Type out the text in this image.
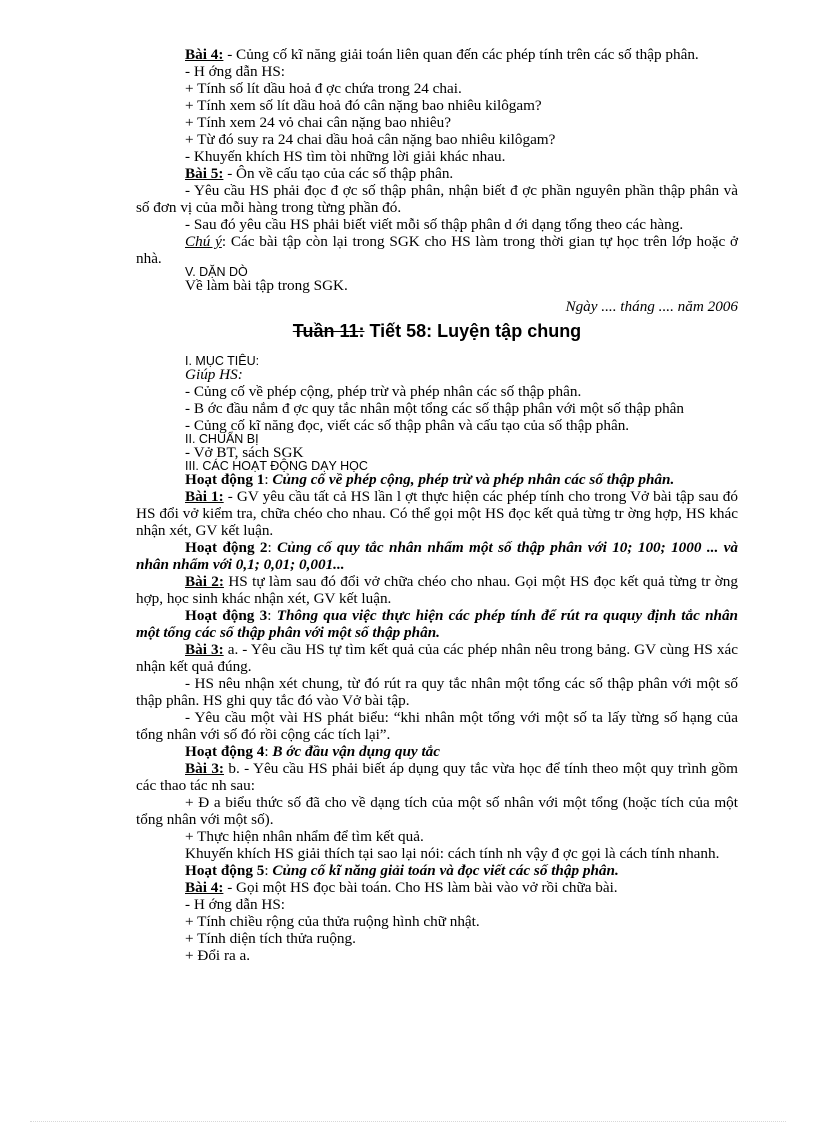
Bài 4: - Củng cố kĩ năng giải toán liên quan đến các phép tính trên các số thập phân.

- H ớng dẫn HS:

+ Tính số lít dầu hoả đ ợc chứa trong 24 chai.

+ Tính xem số lít dầu hoả đó cân nặng bao nhiêu kilôgam?

+ Tính xem 24 vỏ chai cân nặng bao nhiêu?

+ Từ đó suy ra 24 chai dầu hoả cân nặng bao nhiêu kilôgam?

- Khuyến khích HS tìm tòi những lời giải khác nhau.

Bài 5: - Ôn về cấu tạo của các số thập phân.

- Yêu cầu HS phải đọc đ ợc số thập phân, nhận biết đ ợc phần nguyên phần thập phân và số đơn vị của mỗi hàng trong từng phần đó.

- Sau đó yêu cầu HS phải biết viết mỗi số thập phân d ới dạng tổng theo các hàng.

Chú ý: Các bài tập còn lại trong SGK cho HS làm trong thời gian tự học trên lớp hoặc ở nhà.

V. DẶN DÒ

Về làm bài tập trong SGK.

Ngày .... tháng .... năm 2006

Tuần 11: Tiết 58: Luyện tập chung
I. MỤC TIÊU:

Giúp HS:

- Củng cố về phép cộng, phép trừ và phép nhân các số thập phân.

- B ớc đầu nắm đ ợc quy tắc nhân một tổng các số thập phân với một số thập phân

- Củng cố kĩ năng đọc, viết các số thập phân và cấu tạo của số thập phân.

II. CHUẨN BỊ

- Vở BT, sách SGK

III. CÁC HOẠT ĐỘNG DẠY HỌC

Hoạt động 1: Củng cố về phép cộng, phép trừ và phép nhân các số thập phân.

Bài 1: - GV yêu cầu tất cả HS lần l ợt thực hiện các phép tính cho trong Vở bài tập sau đó HS đổi vở kiểm tra, chữa chéo cho nhau. Có thể gọi một HS đọc kết quả từng tr ờng hợp, HS khác nhận xét, GV kết luận.

Hoạt động 2: Củng cố quy tắc nhân nhẩm một số thập phân với 10; 100; 1000 ... và nhân nhẩm với 0,1; 0,01; 0,001...

Bài 2: HS tự làm sau đó đổi vở chữa chéo cho nhau. Gọi một HS đọc kết quả từng tr ờng hợp, học sinh khác nhận xét, GV kết luận.

Hoạt động 3: Thông qua việc thực hiện các phép tính để rút ra ququy định tắc nhân một tổng các số thập phân với một số thập phân.

Bài 3: a. - Yêu cầu HS tự tìm kết quả của các phép nhân nêu trong bảng. GV cùng HS xác nhận kết quả đúng.

- HS nêu nhận xét chung, từ đó rút ra quy tắc nhân một tổng các số thập phân với một số thập phân. HS ghi quy tắc đó vào Vở bài tập.

- Yêu cầu một vài HS phát biểu: “khi nhân một tổng với một số ta lấy từng số hạng của tổng nhân với số đó rồi cộng các tích lại”.

Hoạt động 4: B ớc đầu vận dụng quy tắc

Bài 3: b. - Yêu cầu HS phải biết áp dụng quy tắc vừa học để tính theo một quy trình gồm các thao tác nh sau:

+ Đ a biểu thức số đã cho về dạng tích của một số nhân với một tổng (hoặc tích của một tổng nhân với một số).

+ Thực hiện nhân nhẩm để tìm kết quả.

Khuyến khích HS giải thích tại sao lại nói: cách tính nh vậy đ ợc gọi là cách tính nhanh.

Hoạt động 5: Củng cố kĩ năng giải toán và đọc viết các số thập phân.

Bài 4: - Gọi một HS đọc bài toán. Cho HS làm bài vào vở rồi chữa bài.

- H ớng dẫn HS:

+ Tính chiều rộng của thửa ruộng hình chữ nhật.

+ Tính diện tích thửa ruộng.

+ Đổi ra a.
